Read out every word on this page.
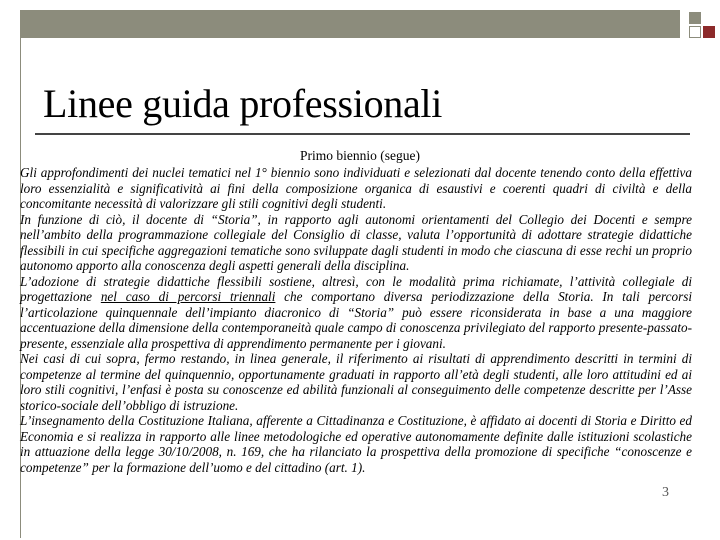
Linee guida professionali
Primo biennio (segue)

Gli approfondimenti dei nuclei tematici nel 1° biennio sono individuati e selezionati dal docente tenendo conto della effettiva loro essenzialità e significatività ai fini della composizione organica di esaustivi e coerenti quadri di civiltà e della concomitante necessità di valorizzare gli stili cognitivi degli studenti.

In funzione di ciò, il docente di “Storia”, in rapporto agli autonomi orientamenti del Collegio dei Docenti e sempre nell’ambito della programmazione collegiale del Consiglio di classe, valuta l’opportunità di adottare strategie didattiche flessibili in cui specifiche aggregazioni tematiche sono sviluppate dagli studenti in modo che ciascuna di esse rechi un proprio autonomo apporto alla conoscenza degli aspetti generali della disciplina.

L’adozione di strategie didattiche flessibili sostiene, altresì, con le modalità prima richiamate, l’attività collegiale di progettazione nel caso di percorsi triennali che comportano diversa periodizzazione della Storia. In tali percorsi l’articolazione quinquennale dell’impianto diacronico di “Storia” può essere riconsiderata in base a una maggiore accentuazione della dimensione della contemporaneità quale campo di conoscenza privilegiato del rapporto presente-passato-presente, essenziale alla prospettiva di apprendimento permanente per i giovani.

Nei casi di cui sopra, fermo restando, in linea generale, il riferimento ai risultati di apprendimento descritti in termini di competenze al termine del quinquennio, opportunamente graduati in rapporto all’età degli studenti, alle loro attitudini ed ai loro stili cognitivi, l’enfasi è posta su conoscenze ed abilità funzionali al conseguimento delle competenze descritte per l’Asse storico-sociale dell’obbligo di istruzione.

L’insegnamento della Costituzione Italiana, afferente a Cittadinanza e Costituzione, è affidato ai docenti di Storia e Diritto ed Economia e si realizza in rapporto alle linee metodologiche ed operative autonomamente definite dalle istituzioni scolastiche in attuazione della legge 30/10/2008, n. 169, che ha rilanciato la prospettiva della promozione di specifiche “conoscenze e competenze” per la formazione dell’uomo e del cittadino (art. 1).

3
